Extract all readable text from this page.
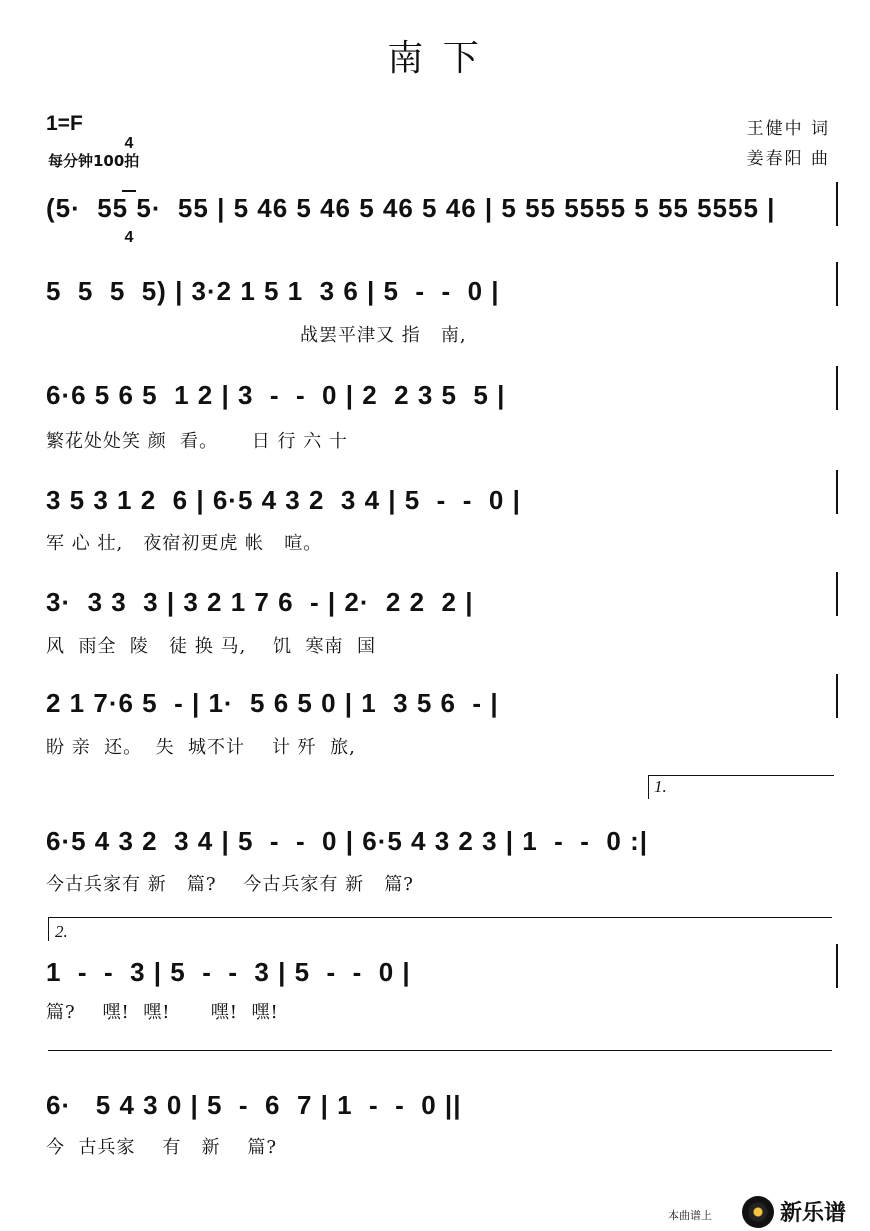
南 下
1=F

4

4

每分钟100拍
王健中 词
姜春阳 曲
(5·  55 5·  55 | 5 46 5 46 5 46 5 46 | 5 55 5555 5 55 5555 |
5  5  5  5) | 3·2 1 5 1  3 6 | 5  -  -  0 |
战罢平津又 指   南,
6·6 5 6 5  1 2 | 3  -  -  0 | 2  2 3 5  5 |
繁花处处笑 颜  看。     日 行 六 十
3 5 3 1 2  6 | 6·5 4 3 2  3 4 | 5  -  -  0 |
军 心 壮,   夜宿初更虎 帐   喧。
3·  3 3  3 | 3 2 1 7 6  - | 2·  2 2  2 |
风  雨全  陵   徒 换 马,    饥  寒南  国
2 1 7·6 5  - | 1·  5 6 5 0 | 1  3 5 6  - |
盼 亲  还。  失  城不计    计 歼  旅,
1.
6·5 4 3 2  3 4 | 5  -  -  0 | 6·5 4 3 2 3 | 1  -  -  0 :|
今古兵家有 新   篇?    今古兵家有 新   篇?
2.
1  -  -  3 | 5  -  -  3 | 5  -  -  0 |
篇?    嘿!  嘿!      嘿!  嘿!
6·   5 4 3 0 | 5  -  6  7 | 1  -  -  0 ||
今  古兵家    有   新    篇?
本曲谱上	新乐谱
